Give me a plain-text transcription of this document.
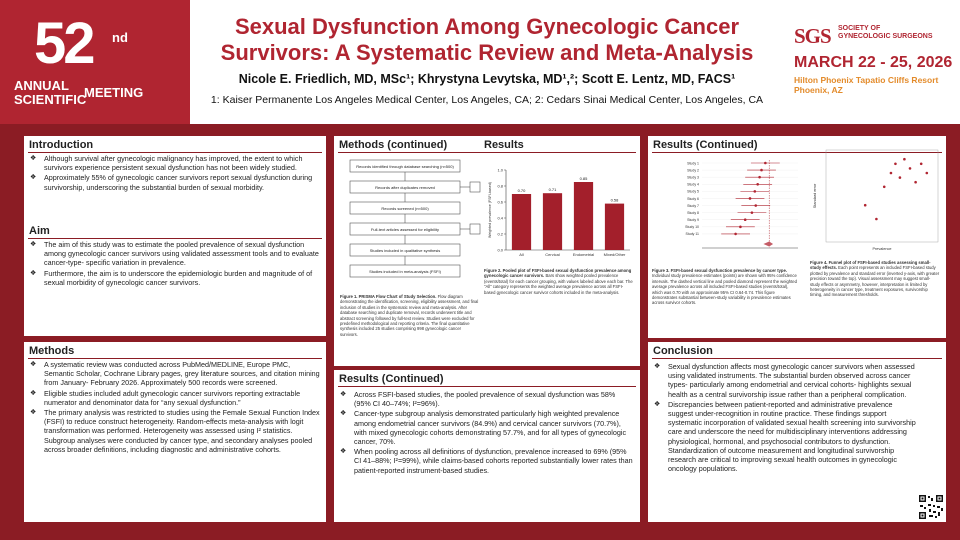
52 nd
ANNUAL
SCIENTIFIC
MEETING
Sexual Dysfunction Among Gynecologic Cancer
Survivors: A Systematic Review and Meta-Analysis
Nicole E. Friedlich, MD, MSc¹; Khrystyna Levytska, MD¹,²; Scott E. Lentz, MD, FACS¹
1: Kaiser Permanente Los Angeles Medical Center, Los Angeles, CA; 2: Cedars Sinai Medical Center, Los Angeles, CA
SGS SOCIETY OF
GYNECOLOGIC SURGEONS
MARCH 22 - 25, 2026
Hilton Phoenix Tapatio Cliffs Resort
Phoenix, AZ
Introduction
❖ Although survival after gynecologic malignancy has improved, the extent to which survivors experience persistent sexual dysfunction has not been widely studied.
❖ Approximately 55% of gynecologic cancer survivors report sexual dysfunction during survivorship, underscoring the substantial burden of sexual morbidity.
Aim
❖ The aim of this study was to estimate the pooled prevalence of sexual dysfunction among gynecologic cancer survivors using validated assessment tools and to evaluate cancer-type- specific variation in prevalence.
❖ Furthermore, the aim is to underscore the epidemiologic burden and magnitude of of sexual morbidity of gynecologic cancer survivors.
Methods
❖ A systematic review was conducted across PubMed/MEDLINE, Europe PMC, Semantic Scholar, Cochrane Library pages, grey literature sources, and citation mining from January- February 2026. Approximately 500 records were screened.
❖ Eligible studies included adult gynecologic cancer survivors reporting extractable numerator and denominator data for “any sexual dysfunction.”
❖ The primary analysis was restricted to studies using the Female Sexual Function Index (FSFI) to reduce construct heterogeneity. Random-effects meta-analysis with logit transformation was performed. Heterogeneity was assessed using I² statistics. Subgroup analyses were conducted by cancer type, and secondary analyses pooled across broader definitions, including diagnostic and administrative cohorts.
Methods (continued)	Results
Records identified through database searching (n≈500)
Records after duplicates removed
Records screened (n≈500)
Full-text articles assessed for eligibility
Studies included in qualitative synthesis
Studies included in meta-analysis (FSFI)
Figure 1. PRISMA Flow Chart of Study Selection. Flow diagram demonstrating the identification, screening, eligibility assessment, and final inclusion of studies in the systematic review and meta-analysis. After database searching and duplicate removal, records underwent title and abstract screening followed by full-text review. Studies were excluded for predefined methodological and reporting criteria. The final quantitative synthesis included 25 studies comprising 998 gynecologic cancer survivors.
0.0
0.2
0.4
0.6
0.8
1.0
Weighted prevalence (FSFI-based)	0.70
All
0.71
Cervical
0.85
Endometrial
0.58
Mixed/Other
Figure 2. Pooled plot of FSFI-based sexual dysfunction prevalence among gynecologic cancer survivors. Bars show weighted pooled prevalence (events/total) for each cancer grouping, with values labeled above each bar. The "All" category represents the weighted average prevalence across all FSFI-based gynecologic cancer survivor cohorts included in the meta-analysis.
Results (Continued)
❖ Across FSFI-based studies, the pooled prevalence of sexual dysfunction was 58% (95% CI 40–74%; I²=96%).
❖ Cancer-type subgroup analysis demonstrated particularly high weighted prevalence among endometrial cancer survivors (84.9%) and cervical cancer survivors (70.7%), with mixed gynecologic cohorts demonstrating 57.7%, and for all types of gynecologic cancer, 70%.
❖ When pooling across all definitions of dysfunction, prevalence increased to 69% (95% CI 41–88%; I²=99%), while claims-based cohorts reported substantially lower rates than patient-reported instrument-based studies.
Results (Continued)
Study 1
Study 2
Study 3
Study 4
Study 5
Study 6
Study 7
Study 8
Study 9
Study 10
Study 11
Figure 3. FSFI-based sexual dysfunction prevalence by cancer type. Individual study prevalence estimates (points) are shown with 95% confidence intervals. The dashed vertical line and pooled diamond represent the weighted average prevalence across all included FSFI-based studies (events/total), which was 0.70 with an approximate 95% CI 0.64-0.74. This figure demonstrates substantial between-study variability in prevalence estimates across survivor cohorts.
Prevalence
Standard error
Figure 4. Funnel plot of FSFI-based studies assessing small-study effects. Each point represents an included FSFI-based study plotted by prevalence and standard error (inverted y-axis, with greater precision toward the top). Visual assessment may suggest small-study effects or asymmetry, however, interpretation is limited by heterogeneity in cancer type, treatment exposures, survivorship timing, and measurement thresholds.
Conclusion
❖ Sexual dysfunction affects most gynecologic cancer survivors when assessed using validated instruments. The substantial burden observed across cancer types- particularly among endometrial and cervical cohorts- highlights sexual health as a central survivorship issue rather than a peripheral complication.
❖ Discrepancies between patient-reported and administrative prevalence suggest under-recognition in routine practice. These findings support systematic incorporation of validated sexual health screening into survivorship care and underscore the need for multidisciplinary interventions addressing physiological, hormonal, and psychosocial contributors to dysfunction. Standardization of outcome measurement and longitudinal survivorship research are critical to improving sexual health outcomes in gynecologic oncology populations.
